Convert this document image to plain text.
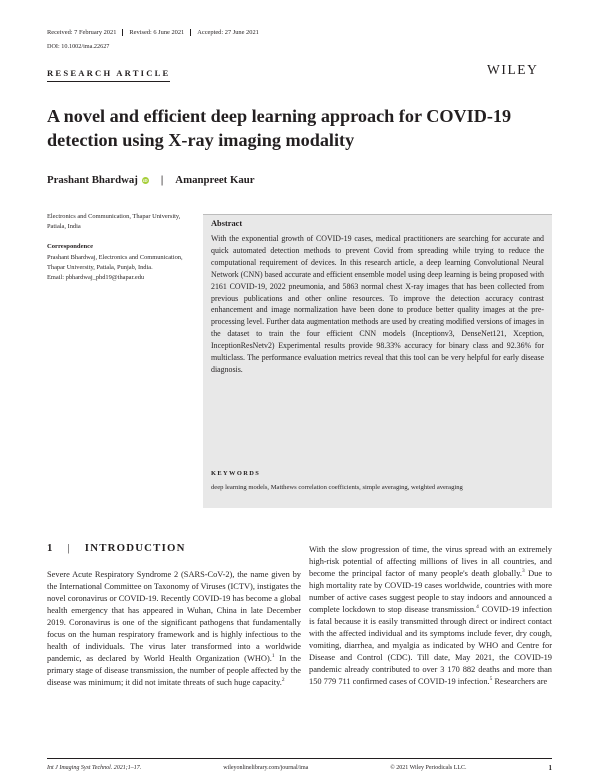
Received: 7 February 2021	Revised: 6 June 2021	Accepted: 27 June 2021
DOI: 10.1002/ima.22627
RESEARCH ARTICLE	WILEY
A novel and efficient deep learning approach for COVID-19 detection using X-ray imaging modality
Prashant Bhardwaj iD | Amanpreet Kaur
Electronics and Communication, Thapar University, Patiala, India
Correspondence
Prashant Bhardwaj, Electronics and Communication, Thapar University, Patiala, Punjab, India.
Email: pbhardwaj_phd19@thapar.edu
Abstract

With the exponential growth of COVID-19 cases, medical practitioners are searching for accurate and quick automated detection methods to prevent Covid from spreading while trying to reduce the computational requirement of devices. In this research article, a deep learning Convolutional Neural Network (CNN) based accurate and efficient ensemble model using deep learning is being proposed with 2161 COVID-19, 2022 pneumonia, and 5863 normal chest X-ray images that has been collected from previous publications and other online resources. To improve the detection accuracy contrast enhancement and image normalization have been done to produce better quality images at the pre-processing level. Further data augmentation methods are used by creating modified versions of images in the dataset to train the four efficient CNN models (Inceptionv3, DenseNet121, Xception, InceptionResNetv2) Experimental results provide 98.33% accuracy for binary class and 92.36% for multiclass. The performance evaluation metrics reveal that this tool can be very helpful for early disease diagnosis.

KEYWORDS
deep learning models, Matthews correlation coefficients, simple averaging, weighted averaging
1 | INTRODUCTION

Severe Acute Respiratory Syndrome 2 (SARS-CoV-2), the name given by the International Committee on Taxonomy of Viruses (ICTV), instigates the novel coronavirus or COVID-19. Recently COVID-19 has become a global health emergency that has appeared in Wuhan, China in late December 2019. Coronavirus is one of the significant pathogens that fundamentally focus on the human respiratory framework and is highly infectious to the health of individuals. The virus later transformed into a worldwide pandemic, as declared by World Health Organization (WHO).$^1$ In the primary stage of disease transmission, the number of people affected by the disease was minimum; it did not imitate threats of such huge capacity.$^2$

With the slow progression of time, the virus spread with an extremely high-risk potential of affecting millions of lives in all countries, and become the principal factor of many people's death globally.$^3$ Due to high mortality rate by COVID-19 cases worldwide, countries with more number of active cases suggest people to stay indoors and announced a complete lockdown to stop disease transmission.$^4$ COVID-19 infection is fatal because it is easily transmitted through direct or indirect contact with the affected individual and its symptoms include fever, dry cough, vomiting, diarrhea, and myalgia as indicated by WHO and Centre for Disease and Control (CDC). Till date, May 2021, the COVID-19 pandemic already contributed to over 3 170 882 deaths and more than 150 779 711 confirmed cases of COVID-19 infection.$^5$ Researchers are

Int J Imaging Syst Technol. 2021;1–17.	wileyonlinelibrary.com/journal/ima	© 2021 Wiley Periodicals LLC.	1
